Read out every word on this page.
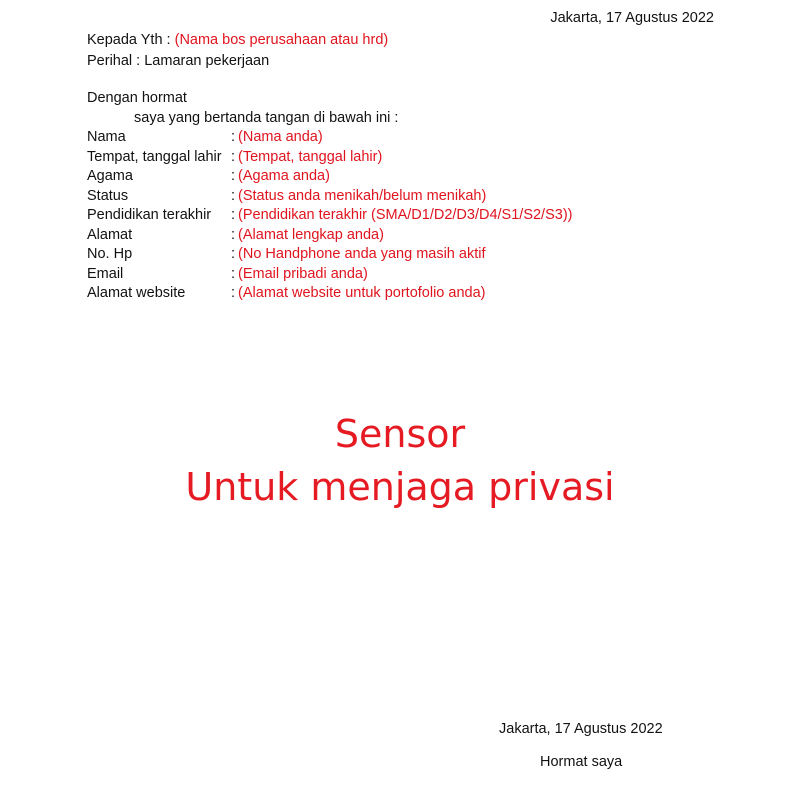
Jakarta, 17 Agustus 2022
Kepada Yth : (Nama bos perusahaan atau hrd)
Perihal : Lamaran pekerjaan
Dengan hormat
saya yang bertanda tangan di bawah ini :
Nama	: (Nama anda)
Tempat, tanggal lahir : (Tempat, tanggal lahir)
Agama	: (Agama anda)
Status	: (Status anda menikah/belum menikah)
Pendidikan terakhir	: (Pendidikan terakhir (SMA/D1/D2/D3/D4/S1/S2/S3))
Alamat	: (Alamat lengkap anda)
No. Hp	: (No Handphone anda yang masih aktif
Email	: (Email pribadi anda)
Alamat website	: (Alamat website untuk portofolio anda)
Sensor
Untuk menjaga privasi
Jakarta, 17 Agustus 2022
Hormat saya
